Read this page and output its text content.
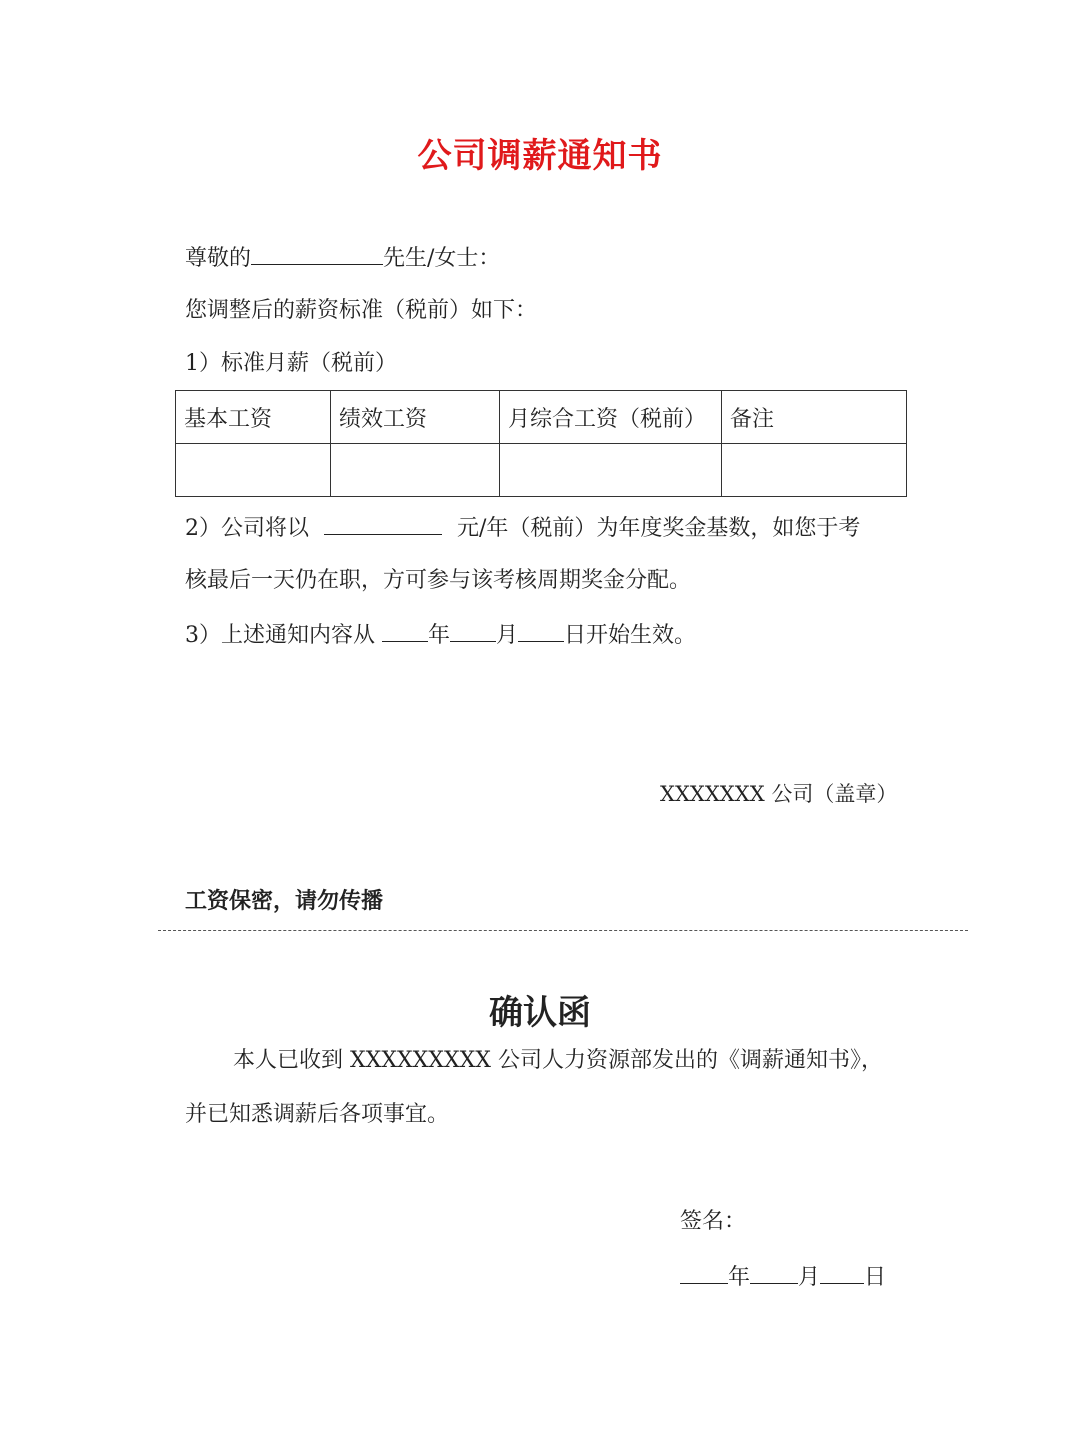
公司调薪通知书
尊敬的	先生/女士：
您调整后的薪资标准（税前）如下：
1）标准月薪（税前）
基本工资	绩效工资	月综合工资（税前）	备注

2）公司将以	元/年（税前）为年度奖金基数，如您于考
核最后一天仍在职，方可参与该考核周期奖金分配。
3）上述通知内容从 年 月 日开始生效。
XXXXXXX 公司（盖章）
工资保密，请勿传播
确认函
本人已收到 XXXXXXXXX 公司人力资源部发出的《调薪通知书》，
并已知悉调薪后各项事宜。
签名：
年 月 日
